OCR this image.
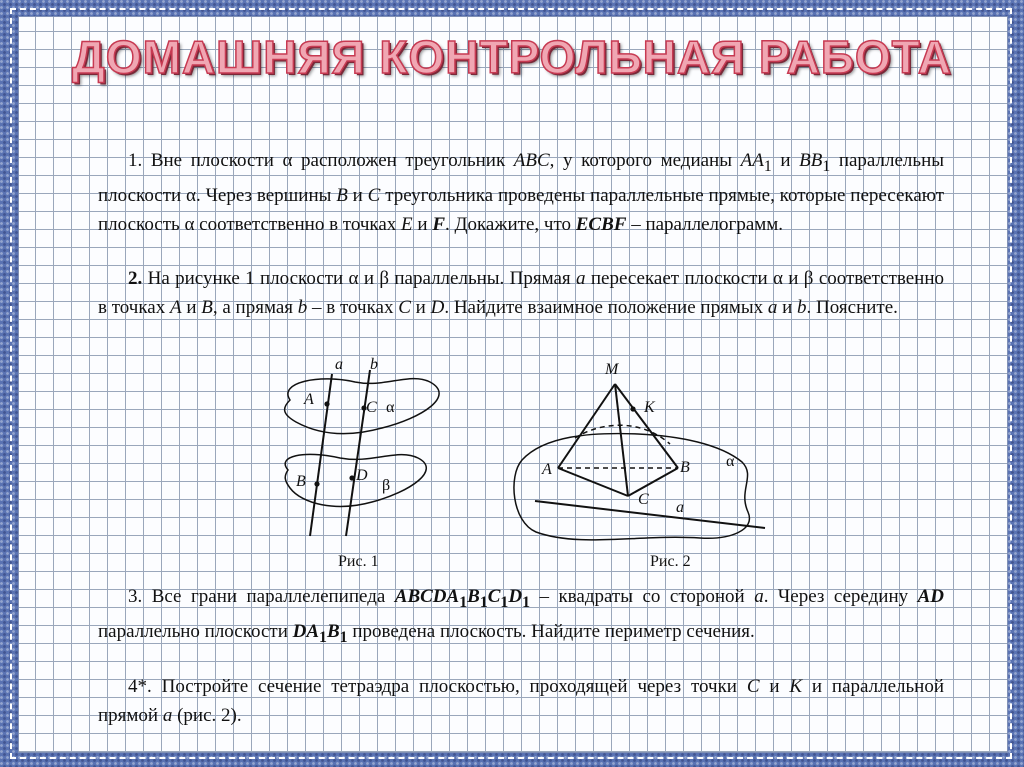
ДОМАШНЯЯ КОНТРОЛЬНАЯ РАБОТА

1. Вне плоскости α расположен треугольник ABC, у которого медианы $AA_1$ и $BB_1$ параллельны плоскости α. Через вершины B и C треугольника проведены параллельные прямые, которые пересекают плоскость α соответственно в точках E и F. Докажите, что ECBF – параллелограмм.

2. На рисунке 1 плоскости α и β параллельны. Прямая a пересекает плоскости α и β соответственно в точках A и B, а прямая b – в точках C и D. Найдите взаимное положение прямых a и b. Поясните.

a b
A	C α
B	D
β
Рис. 1
M
K
A	B
C a
α
Рис. 2

3. Все грани параллелепипеда $ABCDA_1B_1C_1D_1$ – квадраты со стороной a. Через середину AD параллельно плоскости $DA_1B_1$ проведена плоскость. Найдите периметр сечения.

4*. Постройте сечение тетраэдра плоскостью, проходящей через точки C и K и параллельной прямой a (рис. 2).
